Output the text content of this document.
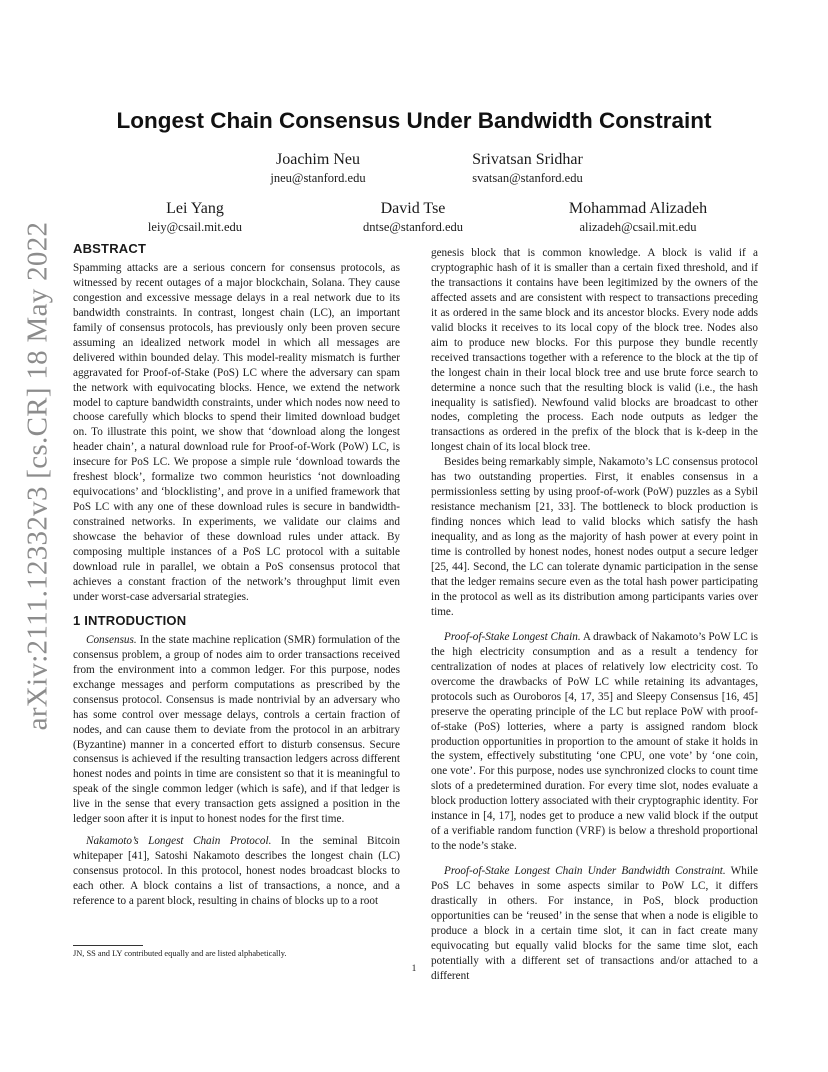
arXiv:2111.12332v3 [cs.CR] 18 May 2022
Longest Chain Consensus Under Bandwidth Constraint
Joachim Neu
jneu@stanford.edu
Srivatsan Sridhar
svatsan@stanford.edu
Lei Yang
leiy@csail.mit.edu
David Tse
dntse@stanford.edu
Mohammad Alizadeh
alizadeh@csail.mit.edu
ABSTRACT

Spamming attacks are a serious concern for consensus protocols, as witnessed by recent outages of a major blockchain, Solana. They cause congestion and excessive message delays in a real network due to its bandwidth constraints. In contrast, longest chain (LC), an important family of consensus protocols, has previously only been proven secure assuming an idealized network model in which all messages are delivered within bounded delay. This model-reality mismatch is further aggravated for Proof-of-Stake (PoS) LC where the adversary can spam the network with equivocating blocks. Hence, we extend the network model to capture bandwidth constraints, under which nodes now need to choose carefully which blocks to spend their limited download budget on. To illustrate this point, we show that ‘download along the longest header chain’, a natural download rule for Proof-of-Work (PoW) LC, is insecure for PoS LC. We propose a simple rule ‘download towards the freshest block’, formalize two common heuristics ‘not downloading equivocations’ and ‘blocklisting’, and prove in a unified framework that PoS LC with any one of these download rules is secure in bandwidth-constrained networks. In experiments, we validate our claims and showcase the behavior of these download rules under attack. By composing multiple instances of a PoS LC protocol with a suitable download rule in parallel, we obtain a PoS consensus protocol that achieves a constant fraction of the network’s throughput limit even under worst-case adversarial strategies.

1 INTRODUCTION

Consensus. In the state machine replication (SMR) formulation of the consensus problem, a group of nodes aim to order transactions received from the environment into a common ledger. For this purpose, nodes exchange messages and perform computations as prescribed by the consensus protocol. Consensus is made nontrivial by an adversary who has some control over message delays, controls a certain fraction of nodes, and can cause them to deviate from the protocol in an arbitrary (Byzantine) manner in a concerted effort to disturb consensus. Secure consensus is achieved if the resulting transaction ledgers across different honest nodes and points in time are consistent so that it is meaningful to speak of the single common ledger (which is safe), and if that ledger is live in the sense that every transaction gets assigned a position in the ledger soon after it is input to honest nodes for the first time.

Nakamoto’s Longest Chain Protocol. In the seminal Bitcoin whitepaper [41], Satoshi Nakamoto describes the longest chain (LC) consensus protocol. In this protocol, honest nodes broadcast blocks to each other. A block contains a list of transactions, a nonce, and a reference to a parent block, resulting in chains of blocks up to a root

genesis block that is common knowledge. A block is valid if a cryptographic hash of it is smaller than a certain fixed threshold, and if the transactions it contains have been legitimized by the owners of the affected assets and are consistent with respect to transactions preceding it as ordered in the same block and its ancestor blocks. Every node adds valid blocks it receives to its local copy of the block tree. Nodes also aim to produce new blocks. For this purpose they bundle recently received transactions together with a reference to the block at the tip of the longest chain in their local block tree and use brute force search to determine a nonce such that the resulting block is valid (i.e., the hash inequality is satisfied). Newfound valid blocks are broadcast to other nodes, completing the process. Each node outputs as ledger the transactions as ordered in the prefix of the block that is k-deep in the longest chain of its local block tree.

Besides being remarkably simple, Nakamoto’s LC consensus protocol has two outstanding properties. First, it enables consensus in a permissionless setting by using proof-of-work (PoW) puzzles as a Sybil resistance mechanism [21, 33]. The bottleneck to block production is finding nonces which lead to valid blocks which satisfy the hash inequality, and as long as the majority of hash power at every point in time is controlled by honest nodes, honest nodes output a secure ledger [25, 44]. Second, the LC can tolerate dynamic participation in the sense that the ledger remains secure even as the total hash power participating in the protocol as well as its distribution among participants varies over time.

Proof-of-Stake Longest Chain. A drawback of Nakamoto’s PoW LC is the high electricity consumption and as a result a tendency for centralization of nodes at places of relatively low electricity cost. To overcome the drawbacks of PoW LC while retaining its advantages, protocols such as Ouroboros [4, 17, 35] and Sleepy Consensus [16, 45] preserve the operating principle of the LC but replace PoW with proof-of-stake (PoS) lotteries, where a party is assigned random block production opportunities in proportion to the amount of stake it holds in the system, effectively substituting ‘one CPU, one vote’ by ‘one coin, one vote’. For this purpose, nodes use synchronized clocks to count time slots of a predetermined duration. For every time slot, nodes evaluate a block production lottery associated with their cryptographic identity. For instance in [4, 17], nodes get to produce a new valid block if the output of a verifiable random function (VRF) is below a threshold proportional to the node’s stake.

Proof-of-Stake Longest Chain Under Bandwidth Constraint. While PoS LC behaves in some aspects similar to PoW LC, it differs drastically in others. For instance, in PoS, block production opportunities can be ‘reused’ in the sense that when a node is eligible to produce a block in a certain time slot, it can in fact create many equivocating but equally valid blocks for the same time slot, each potentially with a different set of transactions and/or attached to a different

JN, SS and LY contributed equally and are listed alphabetically.
1
